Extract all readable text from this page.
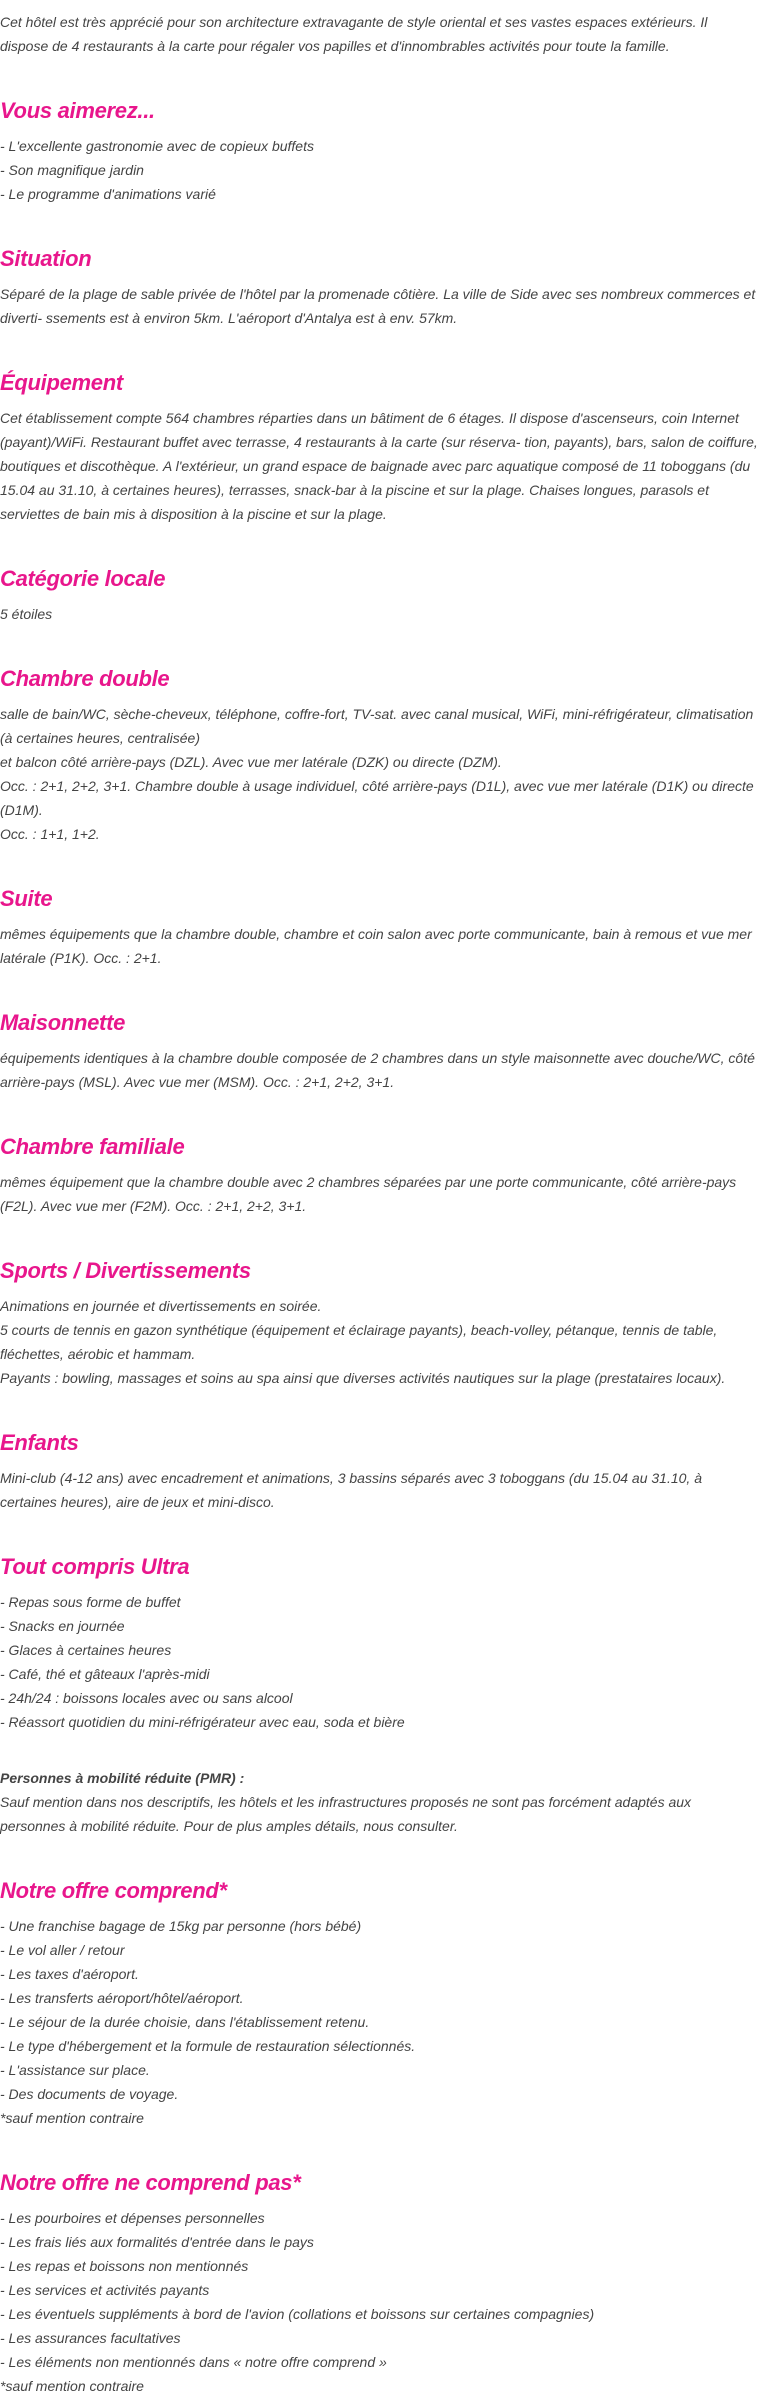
Cet hôtel est très apprécié pour son architecture extravagante de style oriental et ses vastes espaces extérieurs. Il dispose de 4 restaurants à la carte pour régaler vos papilles et d'innombrables activités pour toute la famille.

Vous aimerez...

- L'excellente gastronomie avec de copieux buffets

- Son magnifique jardin

- Le programme d'animations varié

Situation

Séparé de la plage de sable privée de l'hôtel par la promenade côtière. La ville de Side avec ses nombreux commerces et diverti- ssements est à environ 5km. L'aéroport d'Antalya est à env. 57km.

Équipement

Cet établissement compte 564 chambres réparties dans un bâtiment de 6 étages. Il dispose d'ascenseurs, coin Internet (payant)/WiFi. Restaurant buffet avec terrasse, 4 restaurants à la carte (sur réserva- tion, payants), bars, salon de coiffure, boutiques et discothèque. A l'extérieur, un grand espace de baignade avec parc aquatique composé de 11 toboggans (du 15.04 au 31.10, à certaines heures), terrasses, snack-bar à la piscine et sur la plage. Chaises longues, parasols et serviettes de bain mis à disposition à la piscine et sur la plage.

Catégorie locale

5 étoiles

Chambre double

salle de bain/WC, sèche-cheveux, téléphone, coffre-fort, TV-sat. avec canal musical, WiFi, mini-réfrigérateur, climatisation (à certaines heures, centralisée)

et balcon côté arrière-pays (DZL). Avec vue mer latérale (DZK) ou directe (DZM).

Occ. : 2+1, 2+2, 3+1. Chambre double à usage individuel, côté arrière-pays (D1L), avec vue mer latérale (D1K) ou directe (D1M).

Occ. : 1+1, 1+2.

Suite

mêmes équipements que la chambre double, chambre et coin salon avec porte communicante, bain à remous et vue mer latérale (P1K). Occ. : 2+1.

Maisonnette

équipements identiques à la chambre double composée de 2 chambres dans un style maisonnette avec douche/WC, côté arrière-pays (MSL). Avec vue mer (MSM). Occ. : 2+1, 2+2, 3+1.

Chambre familiale

mêmes équipement que la chambre double avec 2 chambres séparées par une porte communicante, côté arrière-pays (F2L). Avec vue mer (F2M). Occ. : 2+1, 2+2, 3+1.

Sports / Divertissements

Animations en journée et divertissements en soirée.

5 courts de tennis en gazon synthétique (équipement et éclairage payants), beach-volley, pétanque, tennis de table, fléchettes, aérobic et hammam.

Payants : bowling, massages et soins au spa ainsi que diverses activités nautiques sur la plage (prestataires locaux).

Enfants

Mini-club (4-12 ans) avec encadrement et animations, 3 bassins séparés avec 3 toboggans (du 15.04 au 31.10, à certaines heures), aire de jeux et mini-disco.

Tout compris Ultra

- Repas sous forme de buffet

- Snacks en journée

- Glaces à certaines heures

- Café, thé et gâteaux l'après-midi

- 24h/24 : boissons locales avec ou sans alcool

- Réassort quotidien du mini-réfrigérateur avec eau, soda et bière

Personnes à mobilité réduite (PMR) :

Sauf mention dans nos descriptifs, les hôtels et les infrastructures proposés ne sont pas forcément adaptés aux personnes à mobilité réduite. Pour de plus amples détails, nous consulter.

Notre offre comprend*

- Une franchise bagage de 15kg par personne (hors bébé)

- Le vol aller / retour

- Les taxes d'aéroport.

- Les transferts aéroport/hôtel/aéroport.

- Le séjour de la durée choisie, dans l'établissement retenu.

- Le type d'hébergement et la formule de restauration sélectionnés.

- L'assistance sur place.

- Des documents de voyage.

*sauf mention contraire

Notre offre ne comprend pas*

- Les pourboires et dépenses personnelles

- Les frais liés aux formalités d'entrée dans le pays

- Les repas et boissons non mentionnés

- Les services et activités payants

- Les éventuels suppléments à bord de l'avion (collations et boissons sur certaines compagnies)

- Les assurances facultatives

- Les éléments non mentionnés dans « notre offre comprend »

*sauf mention contraire
